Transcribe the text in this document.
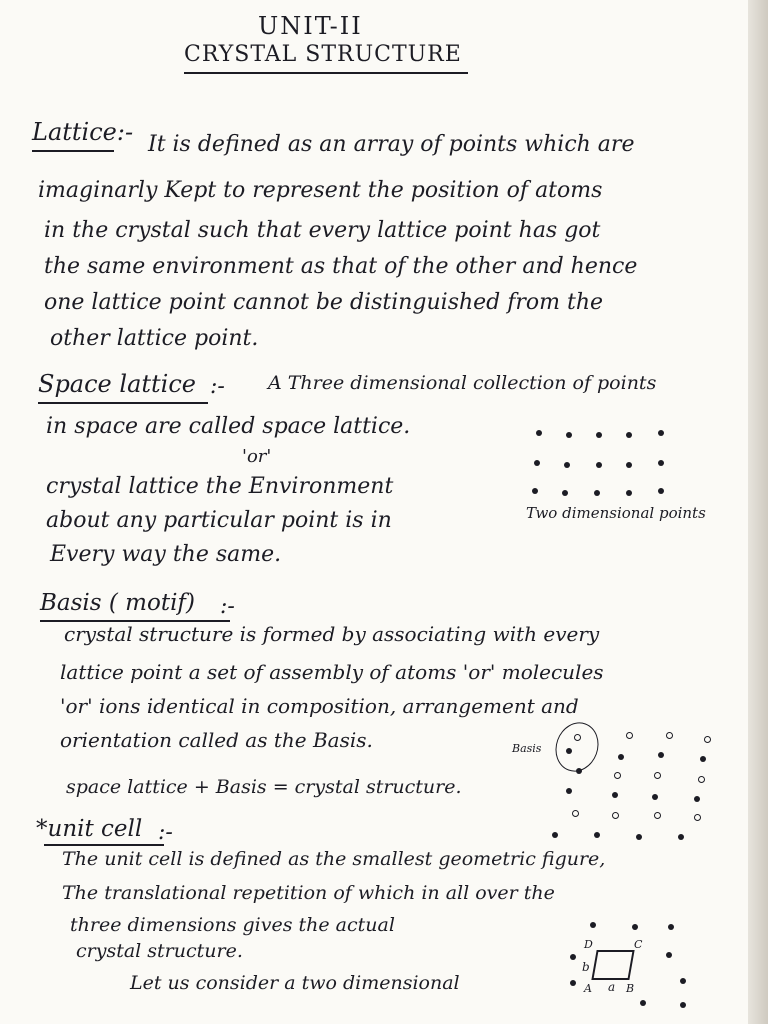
UNIT-II
CRYSTAL STRUCTURE
Lattice:- It is defined as an array of points which are
imaginarly Kept to represent the position of atoms
in the crystal such that every lattice point has got
the same environment as that of the other and hence
one lattice point cannot be distinguished from the
other lattice point.
Space lattice :- A Three dimensional collection of points
in space are called space lattice.
'or'
crystal lattice the Environment
about any particular point is in
Every way the same.
Two dimensional points
Basis ( motif) :-
crystal structure is formed by associating with every
lattice point a set of assembly of atoms 'or' molecules
'or' ions identical in composition, arrangement and
orientation called as the Basis.
space lattice + Basis = crystal structure.
Basis
*unit cell :-
The unit cell is defined as the smallest geometric figure,
The translational repetition of which in all over the
three dimensions gives the actual
crystal structure.
Let us consider a two dimensional
D	C
b
A a B
